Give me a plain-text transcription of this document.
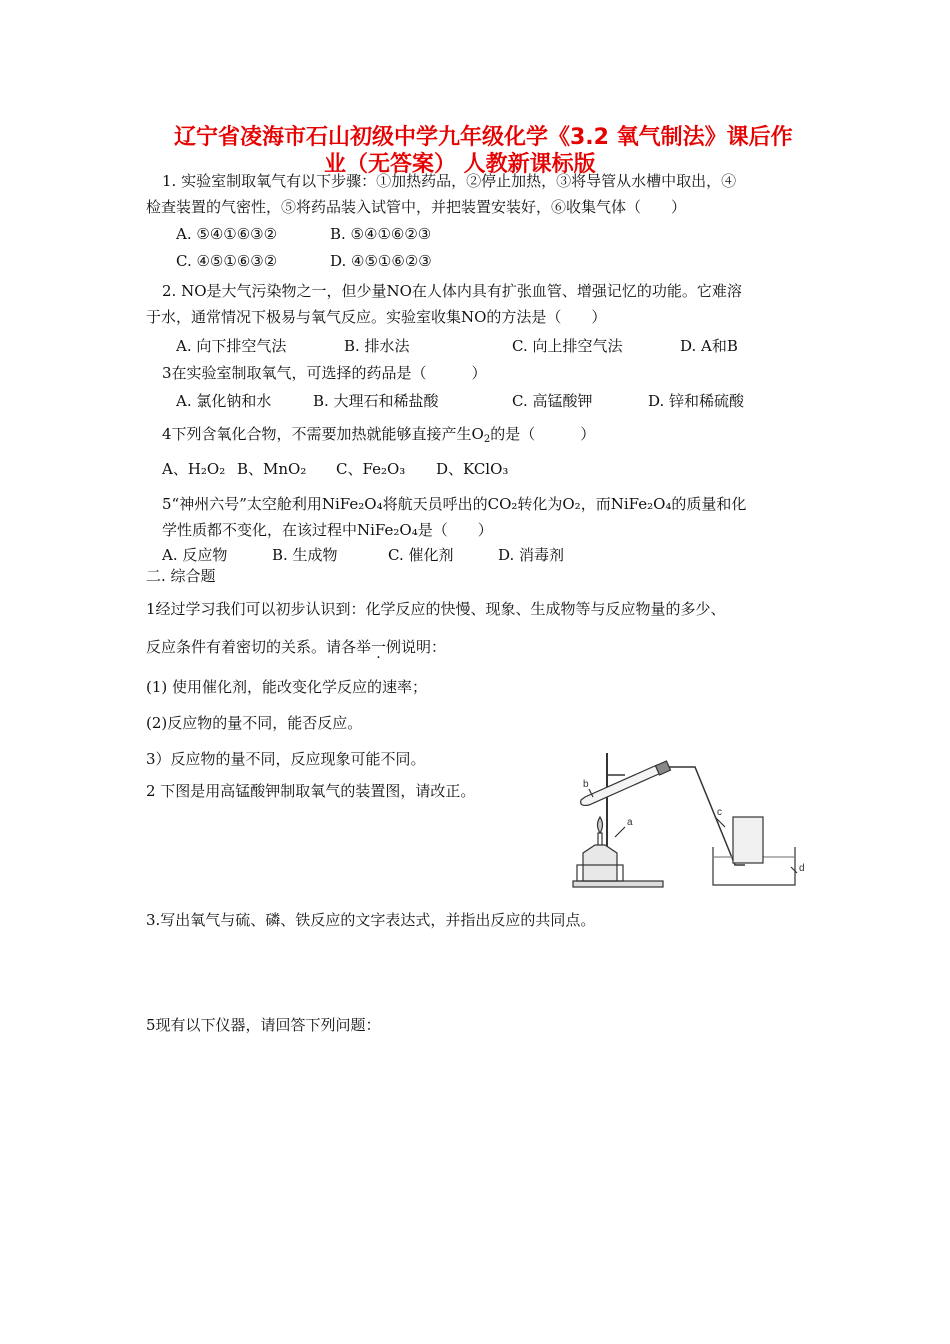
辽宁省凌海市石山初级中学九年级化学《3.2 氧气制法》课后作
业（无答案） 人教新课标版
1. 实验室制取氧气有以下步骤：①加热药品，②停止加热，③将导管从水槽中取出，④
检查装置的气密性，⑤将药品装入试管中，并把装置安装好，⑥收集气体（　　）
A. ⑤④①⑥③②	B. ⑤④①⑥②③
C. ④⑤①⑥③②	D. ④⑤①⑥②③
2. NO是大气污染物之一，但少量NO在人体内具有扩张血管、增强记忆的功能。它难溶
于水，通常情况下极易与氧气反应。实验室收集NO的方法是（　　）
A. 向下排空气法	B. 排水法	C. 向上排空气法	D. A和B
3在实验室制取氧气，可选择的药品是（　　　）
A. 氯化钠和水	B. 大理石和稀盐酸	C. 高锰酸钾	D. 锌和稀硫酸
4下列含氧化合物，不需要加热就能够直接产生$O_2$的是（　　　）
A、H₂O₂ B、MnO₂ C、Fe₂O₃ D、KClO₃
5“神州六号”太空舱利用NiFe₂O₄将航天员呼出的CO₂转化为O₂，而NiFe₂O₄的质量和化
学性质都不变化，在该过程中NiFe₂O₄是（　　）
A. 反应物	B. 生成物	C. 催化剂	D. 消毒剂
二. 综合题
1经过学习我们可以初步认识到：化学反应的快慢、现象、生成物等与反应物量的多少、
反应条件有着密切的关系。请各举一例说明：
(1) 使用催化剂，能改变化学反应的速率；
(2)反应物的量不同，能否反应。
3）反应物的量不同，反应现象可能不同。
2 下图是用高锰酸钾制取氧气的装置图，请改正。
3.写出氧气与硫、磷、铁反应的文字表达式，并指出反应的共同点。
5现有以下仪器，请回答下列问题：
a
b
c
d
